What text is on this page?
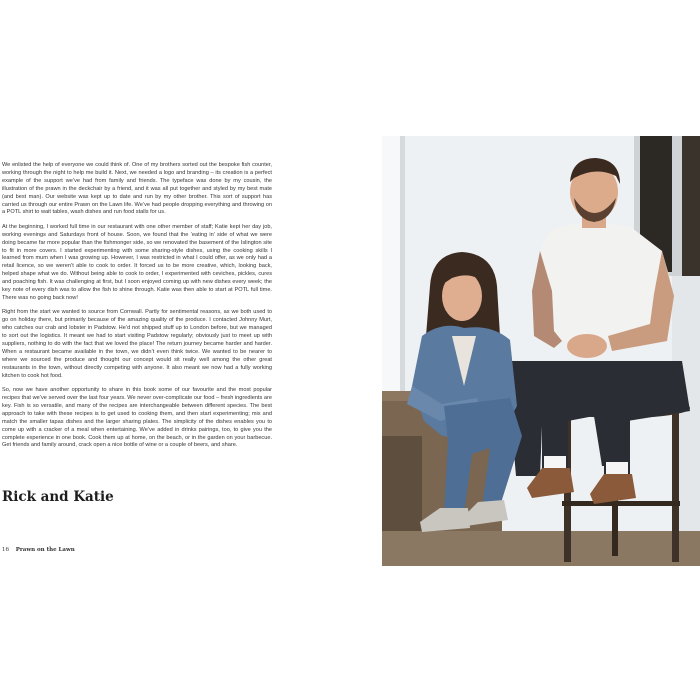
We enlisted the help of everyone we could think of. One of my brothers sorted out the bespoke fish counter, working through the night to help me build it. Next, we needed a logo and branding – its creation is a perfect example of the support we’ve had from family and friends. The typeface was done by my cousin, the illustration of the prawn in the deckchair by a friend, and it was all put together and styled by my best mate (and best man). Our website was kept up to date and run by my other brother. This sort of support has carried us through our entire Prawn on the Lawn life. We’ve had people dropping everything and throwing on a POTL shirt to wait tables, wash dishes and run food stalls for us.

At the beginning, I worked full time in our restaurant with one other member of staff; Katie kept her day job, working evenings and Saturdays front of house. Soon, we found that the ‘eating in’ side of what we were doing became far more popular than the fishmonger side, so we renovated the basement of the Islington site to fit in more covers. I started experimenting with some sharing-style dishes, using the cooking skills I learned from mum when I was growing up. However, I was restricted in what I could offer, as we only had a retail licence, so we weren’t able to cook to order. It forced us to be more creative, which, looking back, helped shape what we do. Without being able to cook to order, I experimented with ceviches, pickles, cures and poaching fish. It was challenging at first, but I soon enjoyed coming up with new dishes every week; the key note of every dish was to allow the fish to shine through. Katie was then able to start at POTL full time. There was no going back now!

Right from the start we wanted to source from Cornwall. Partly for sentimental reasons, as we both used to go on holiday there, but primarily because of the amazing quality of the produce. I contacted Johnny Murt, who catches our crab and lobster in Padstow. He’d not shipped stuff up to London before, but we managed to sort out the logistics. It meant we had to start visiting Padstow regularly; obviously just to meet up with suppliers, nothing to do with the fact that we loved the place! The return journey became harder and harder. When a restaurant became available in the town, we didn’t even think twice. We wanted to be nearer to where we sourced the produce and thought our concept would sit really well among the other great restaurants in the town, without directly competing with anyone. It also meant we now had a fully working kitchen to cook hot food.

So, now we have another opportunity to share in this book some of our favourite and the most popular recipes that we’ve served over the last four years. We never over-complicate our food – fresh ingredients are key. Fish is so versatile, and many of the recipes are interchangeable between different species. The best approach to take with these recipes is to get used to cooking them, and then start experimenting; mix and match the smaller tapas dishes and the larger sharing plates. The simplicity of the dishes enables you to come up with a cracker of a meal when entertaining. We’ve added in drinks pairings, too, to give you the complete experience in one book. Cook them up at home, on the beach, or in the garden on your barbecue. Get friends and family around, crack open a nice bottle of wine or a couple of beers, and share.

Rick and Katie
16 Prawn on the Lawn
